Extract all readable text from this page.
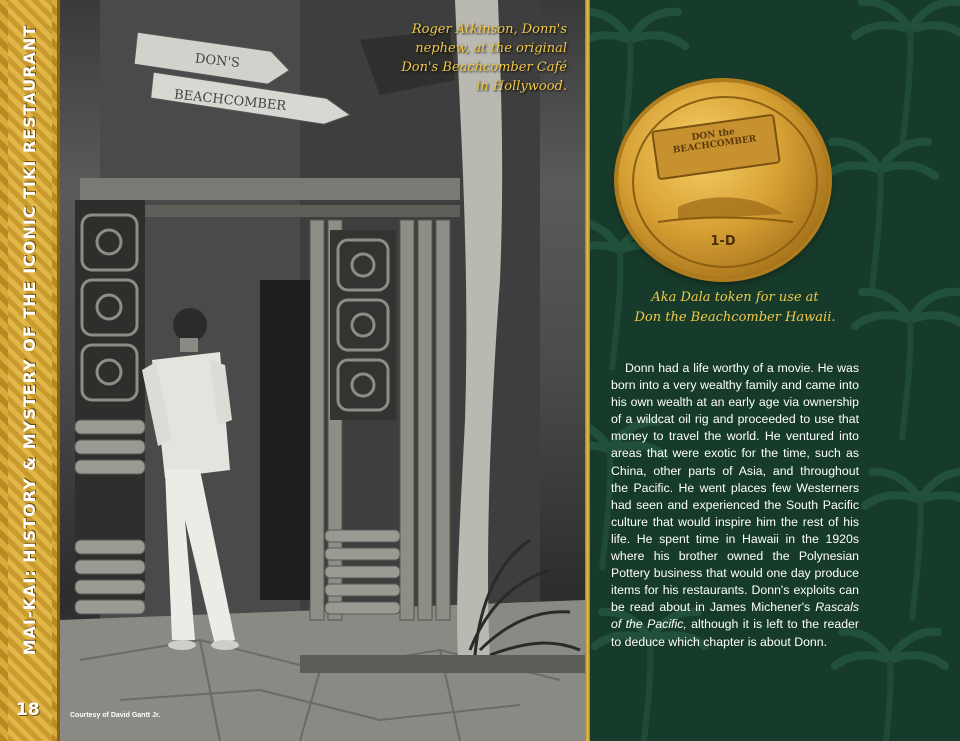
MAI-KAI: HISTORY & MYSTERY OF THE ICONIC TIKI RESTAURANT
18
DON'S
BEACHCOMBER
Roger Atkinson, Donn's nephew, at the original Don's Beachcomber Café in Hollywood.
Courtesy of David Gantt Jr.
DON the BEACHCOMBER
1-D
Aka Dala token for use at
Don the Beachcomber Hawaii.
Donn had a life worthy of a movie. He was born into a very wealthy family and came into his own wealth at an early age via ownership of a wildcat oil rig and proceeded to use that money to travel the world. He ventured into areas that were exotic for the time, such as China, other parts of Asia, and throughout the Pacific. He went places few Westerners had seen and experienced the South Pacific culture that would inspire him the rest of his life. He spent time in Hawaii in the 1920s where his brother owned the Polynesian Pottery business that would one day produce items for his restaurants. Donn's exploits can be read about in James Michener's Rascals of the Pacific, although it is left to the reader to deduce which chapter is about Donn.
